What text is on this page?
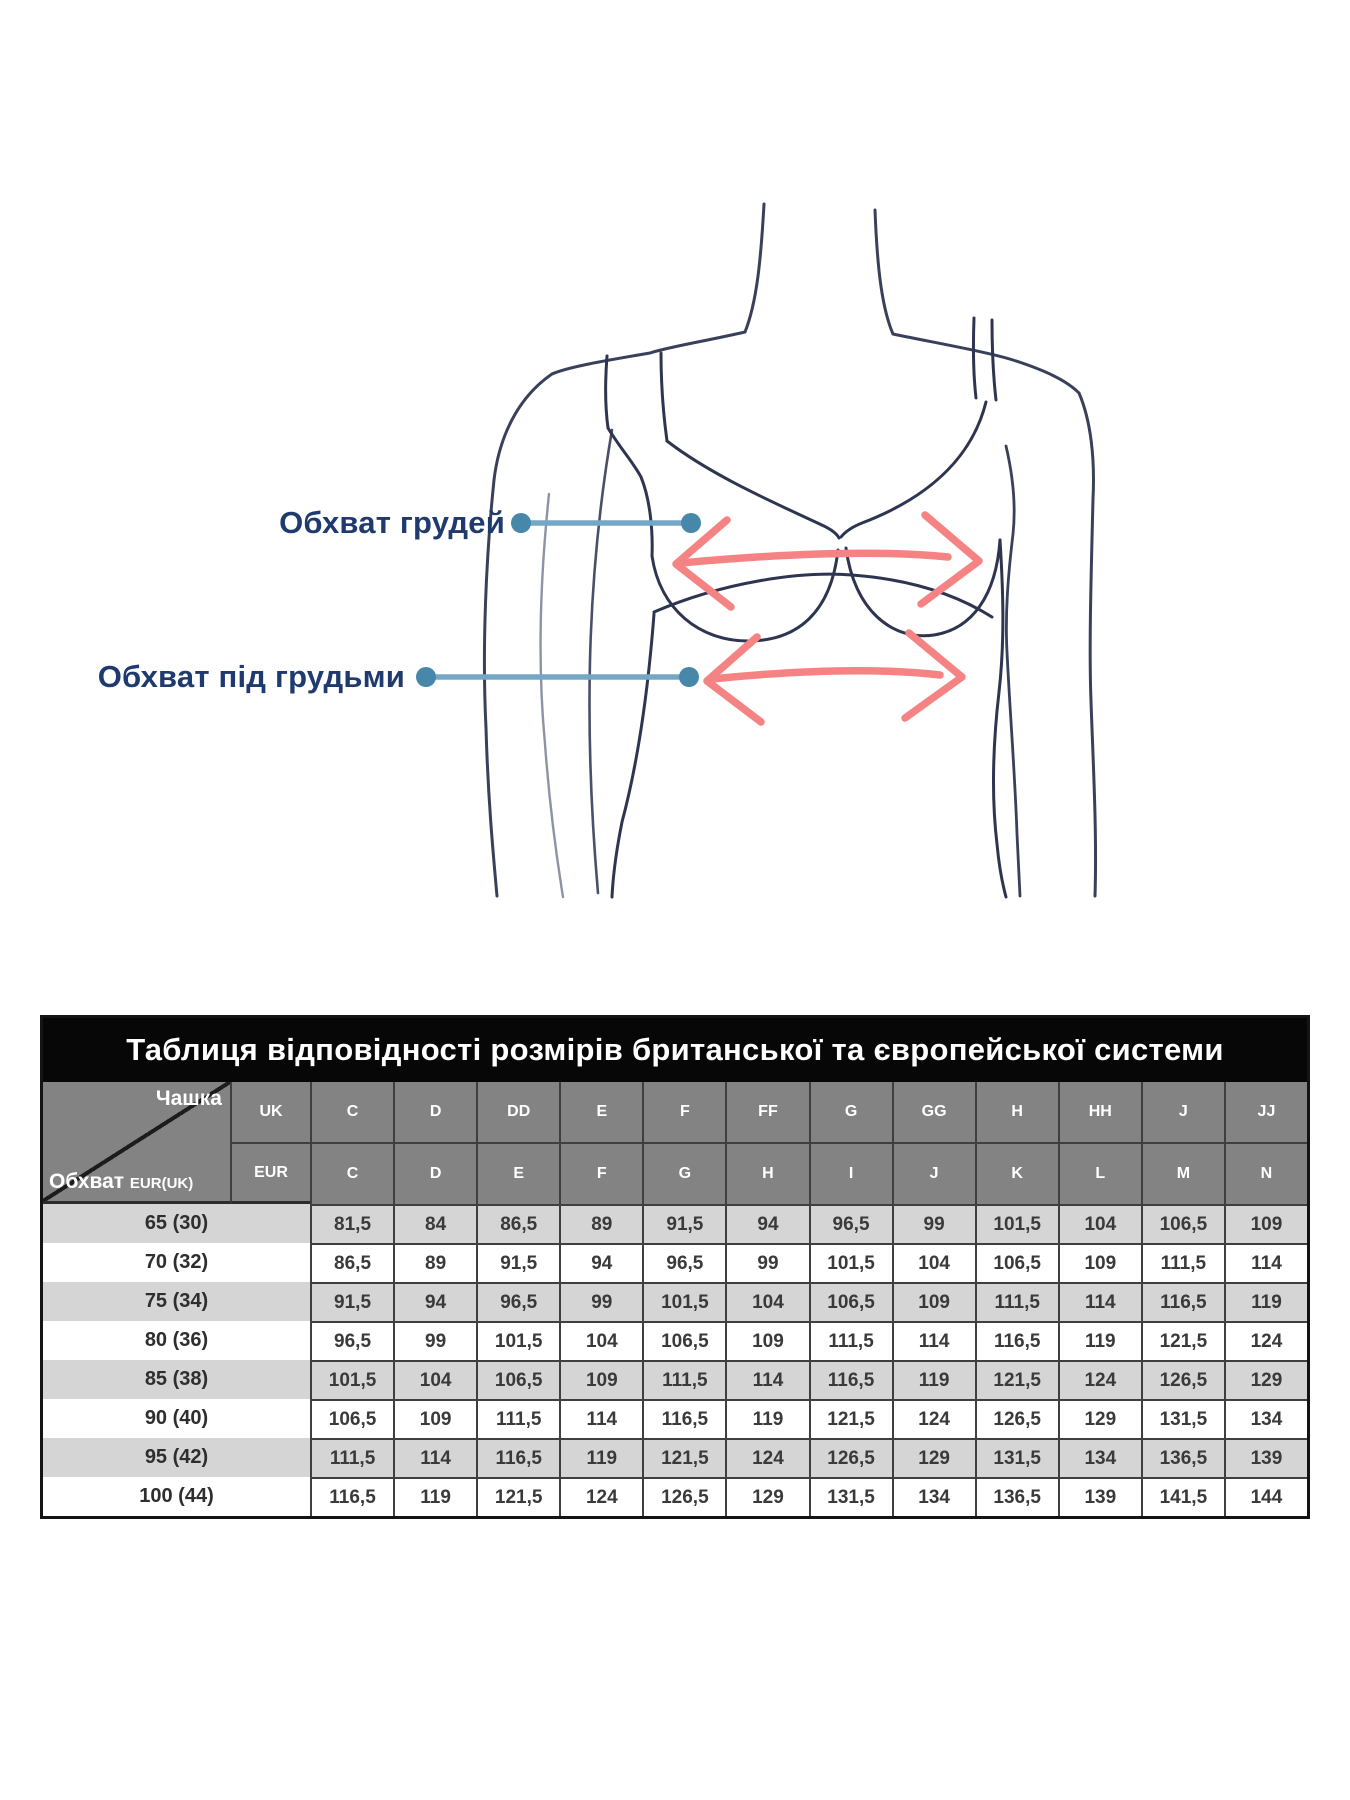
Обхват грудей
Обхват під грудьми
Таблиця відповідності розмірів британської та європейської системи
Чашка
Обхват EUR(UK)
UK
EUR
C	D	DD	E	F	FF	G	GG	H	HH	J	JJ
C	D	E	F	G	H	I	J	K	L	M	N
65 (30)	81,5	84	86,5	89	91,5	94	96,5	99	101,5	104	106,5	109
70 (32)	86,5	89	91,5	94	96,5	99	101,5	104	106,5	109	111,5	114
75 (34)	91,5	94	96,5	99	101,5	104	106,5	109	111,5	114	116,5	119
80 (36)	96,5	99	101,5	104	106,5	109	111,5	114	116,5	119	121,5	124
85 (38)	101,5	104	106,5	109	111,5	114	116,5	119	121,5	124	126,5	129
90 (40)	106,5	109	111,5	114	116,5	119	121,5	124	126,5	129	131,5	134
95 (42)	111,5	114	116,5	119	121,5	124	126,5	129	131,5	134	136,5	139
100 (44)	116,5	119	121,5	124	126,5	129	131,5	134	136,5	139	141,5	144
